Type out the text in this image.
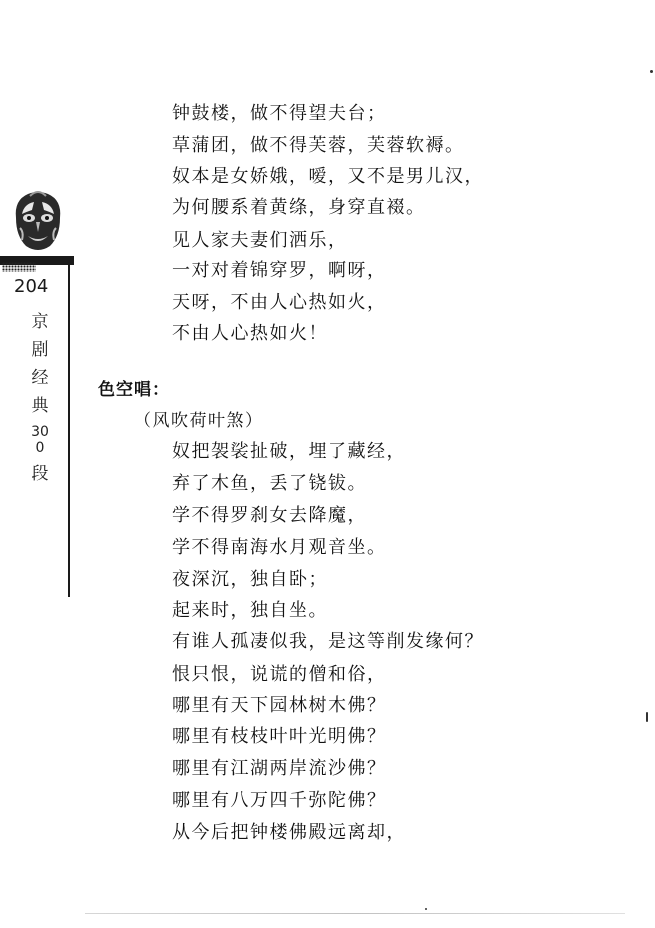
204
京剧经典
300
段
钟鼓楼，做不得望夫台；
草蒲团，做不得芙蓉，芙蓉软褥。
奴本是女娇娥，嗳，又不是男儿汉，
为何腰系着黄绦，身穿直裰。
见人家夫妻们洒乐，
一对对着锦穿罗，啊呀，
天呀，不由人心热如火，
不由人心热如火！
色空唱：
（风吹荷叶煞）
奴把袈裟扯破，埋了藏经，
弃了木鱼，丢了铙钹。
学不得罗刹女去降魔，
学不得南海水月观音坐。
夜深沉，独自卧；
起来时，独自坐。
有谁人孤凄似我，是这等削发缘何？
恨只恨，说谎的僧和俗，
哪里有天下园林树木佛？
哪里有枝枝叶叶光明佛？
哪里有江湖两岸流沙佛？
哪里有八万四千弥陀佛？
从今后把钟楼佛殿远离却，
